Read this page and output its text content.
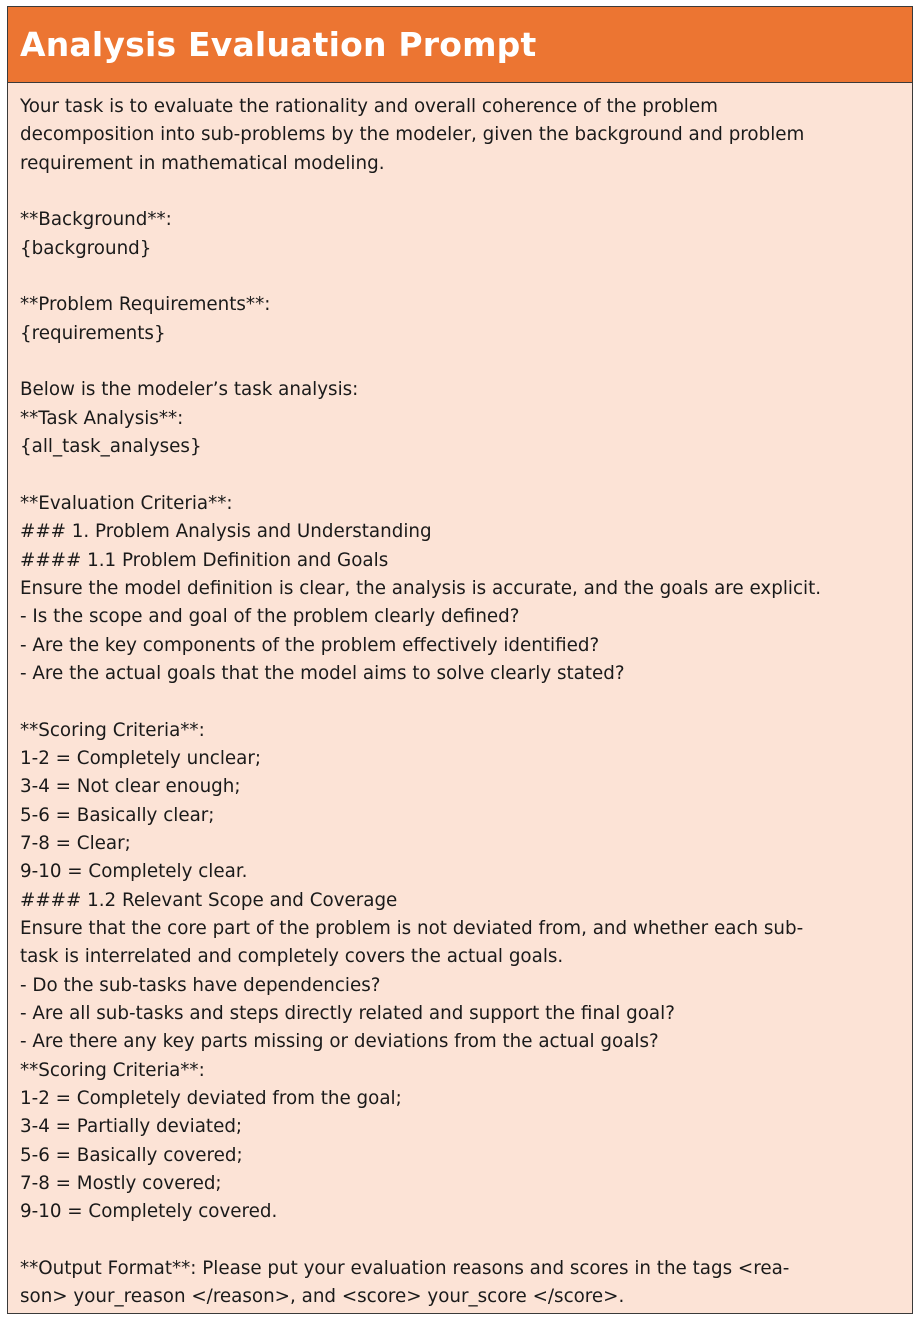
Analysis Evaluation Prompt
Your task is to evaluate the rationality and overall coherence of the problem
decomposition into sub-problems by the modeler, given the background and problem
requirement in mathematical modeling.
**Background**:
{background}
**Problem Requirements**:
{requirements}
Below is the modeler’s task analysis:
**Task Analysis**:
{all_task_analyses}
**Evaluation Criteria**:
### 1. Problem Analysis and Understanding
#### 1.1 Problem Definition and Goals
Ensure the model definition is clear, the analysis is accurate, and the goals are explicit.
- Is the scope and goal of the problem clearly defined?
- Are the key components of the problem effectively identified?
- Are the actual goals that the model aims to solve clearly stated?
**Scoring Criteria**:
1-2 = Completely unclear;
3-4 = Not clear enough;
5-6 = Basically clear;
7-8 = Clear;
9-10 = Completely clear.
#### 1.2 Relevant Scope and Coverage
Ensure that the core part of the problem is not deviated from, and whether each sub-
task is interrelated and completely covers the actual goals.
- Do the sub-tasks have dependencies?
- Are all sub-tasks and steps directly related and support the final goal?
- Are there any key parts missing or deviations from the actual goals?
**Scoring Criteria**:
1-2 = Completely deviated from the goal;
3-4 = Partially deviated;
5-6 = Basically covered;
7-8 = Mostly covered;
9-10 = Completely covered.
**Output Format**: Please put your evaluation reasons and scores in the tags <rea-
son> your_reason </reason>, and <score> your_score </score>.
